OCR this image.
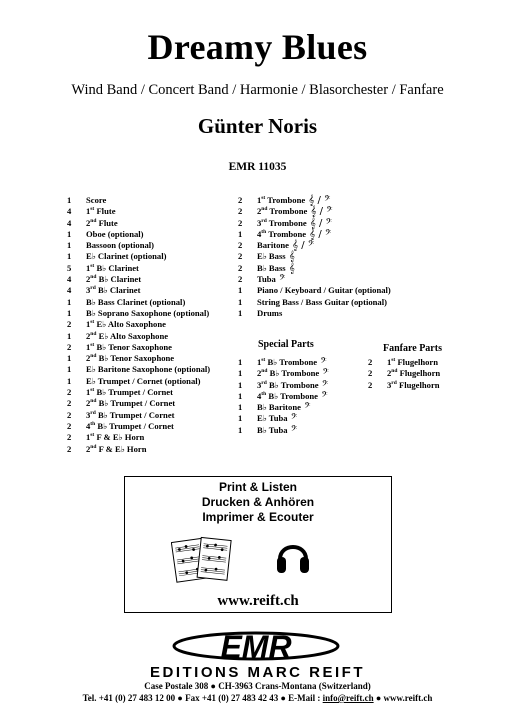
Dreamy Blues
Wind Band / Concert Band / Harmonie / Blasorchester / Fanfare
Günter Noris
EMR 11035
1	Score
4	1st Flute
4	2nd Flute
1	Oboe (optional)
1	Bassoon (optional)
1	E♭ Clarinet (optional)
5	1st B♭ Clarinet
4	2nd B♭ Clarinet
4	3rd B♭ Clarinet
1	B♭ Bass Clarinet (optional)
1	B♭ Soprano Saxophone (optional)
2	1st E♭ Alto Saxophone
1	2nd E♭ Alto Saxophone
2	1st B♭ Tenor Saxophone
1	2nd B♭ Tenor Saxophone
1	E♭ Baritone Saxophone (optional)
1	E♭ Trumpet / Cornet (optional)
2	1st B♭ Trumpet / Cornet
2	2nd B♭ Trumpet / Cornet
2	3rd B♭ Trumpet / Cornet
2	4th B♭ Trumpet / Cornet
2	1st F & E♭ Horn
2	2nd F & E♭ Horn
2	1st Trombone 𝄞 / 𝄢
2	2nd Trombone 𝄞 / 𝄢
2	3rd Trombone 𝄞 / 𝄢
1	4th Trombone 𝄞 / 𝄢
2	Baritone 𝄞 / 𝄢
2	E♭ Bass 𝄞
2	B♭ Bass 𝄞
2	Tuba 𝄢
1	Piano / Keyboard / Guitar (optional)
1	String Bass / Bass Guitar (optional)
1	Drums
Special Parts
1	1st B♭ Trombone 𝄢
1	2nd B♭ Trombone 𝄢
1	3rd B♭ Trombone 𝄢
1	4th B♭ Trombone 𝄢
1	B♭ Baritone 𝄢
1	E♭ Tuba 𝄢
1	B♭ Tuba 𝄢
Fanfare Parts
2	1st Flugelhorn
2	2nd Flugelhorn
2	3rd Flugelhorn
Print & Listen
Drucken & Anhören
Imprimer & Ecouter
www.reift.ch
EMR
EDITIONS MARC REIFT
Case Postale 308 ● CH-3963 Crans-Montana (Switzerland)
Tel. +41 (0) 27 483 12 00 ● Fax +41 (0) 27 483 42 43 ● E-Mail : info@reift.ch ● www.reift.ch
